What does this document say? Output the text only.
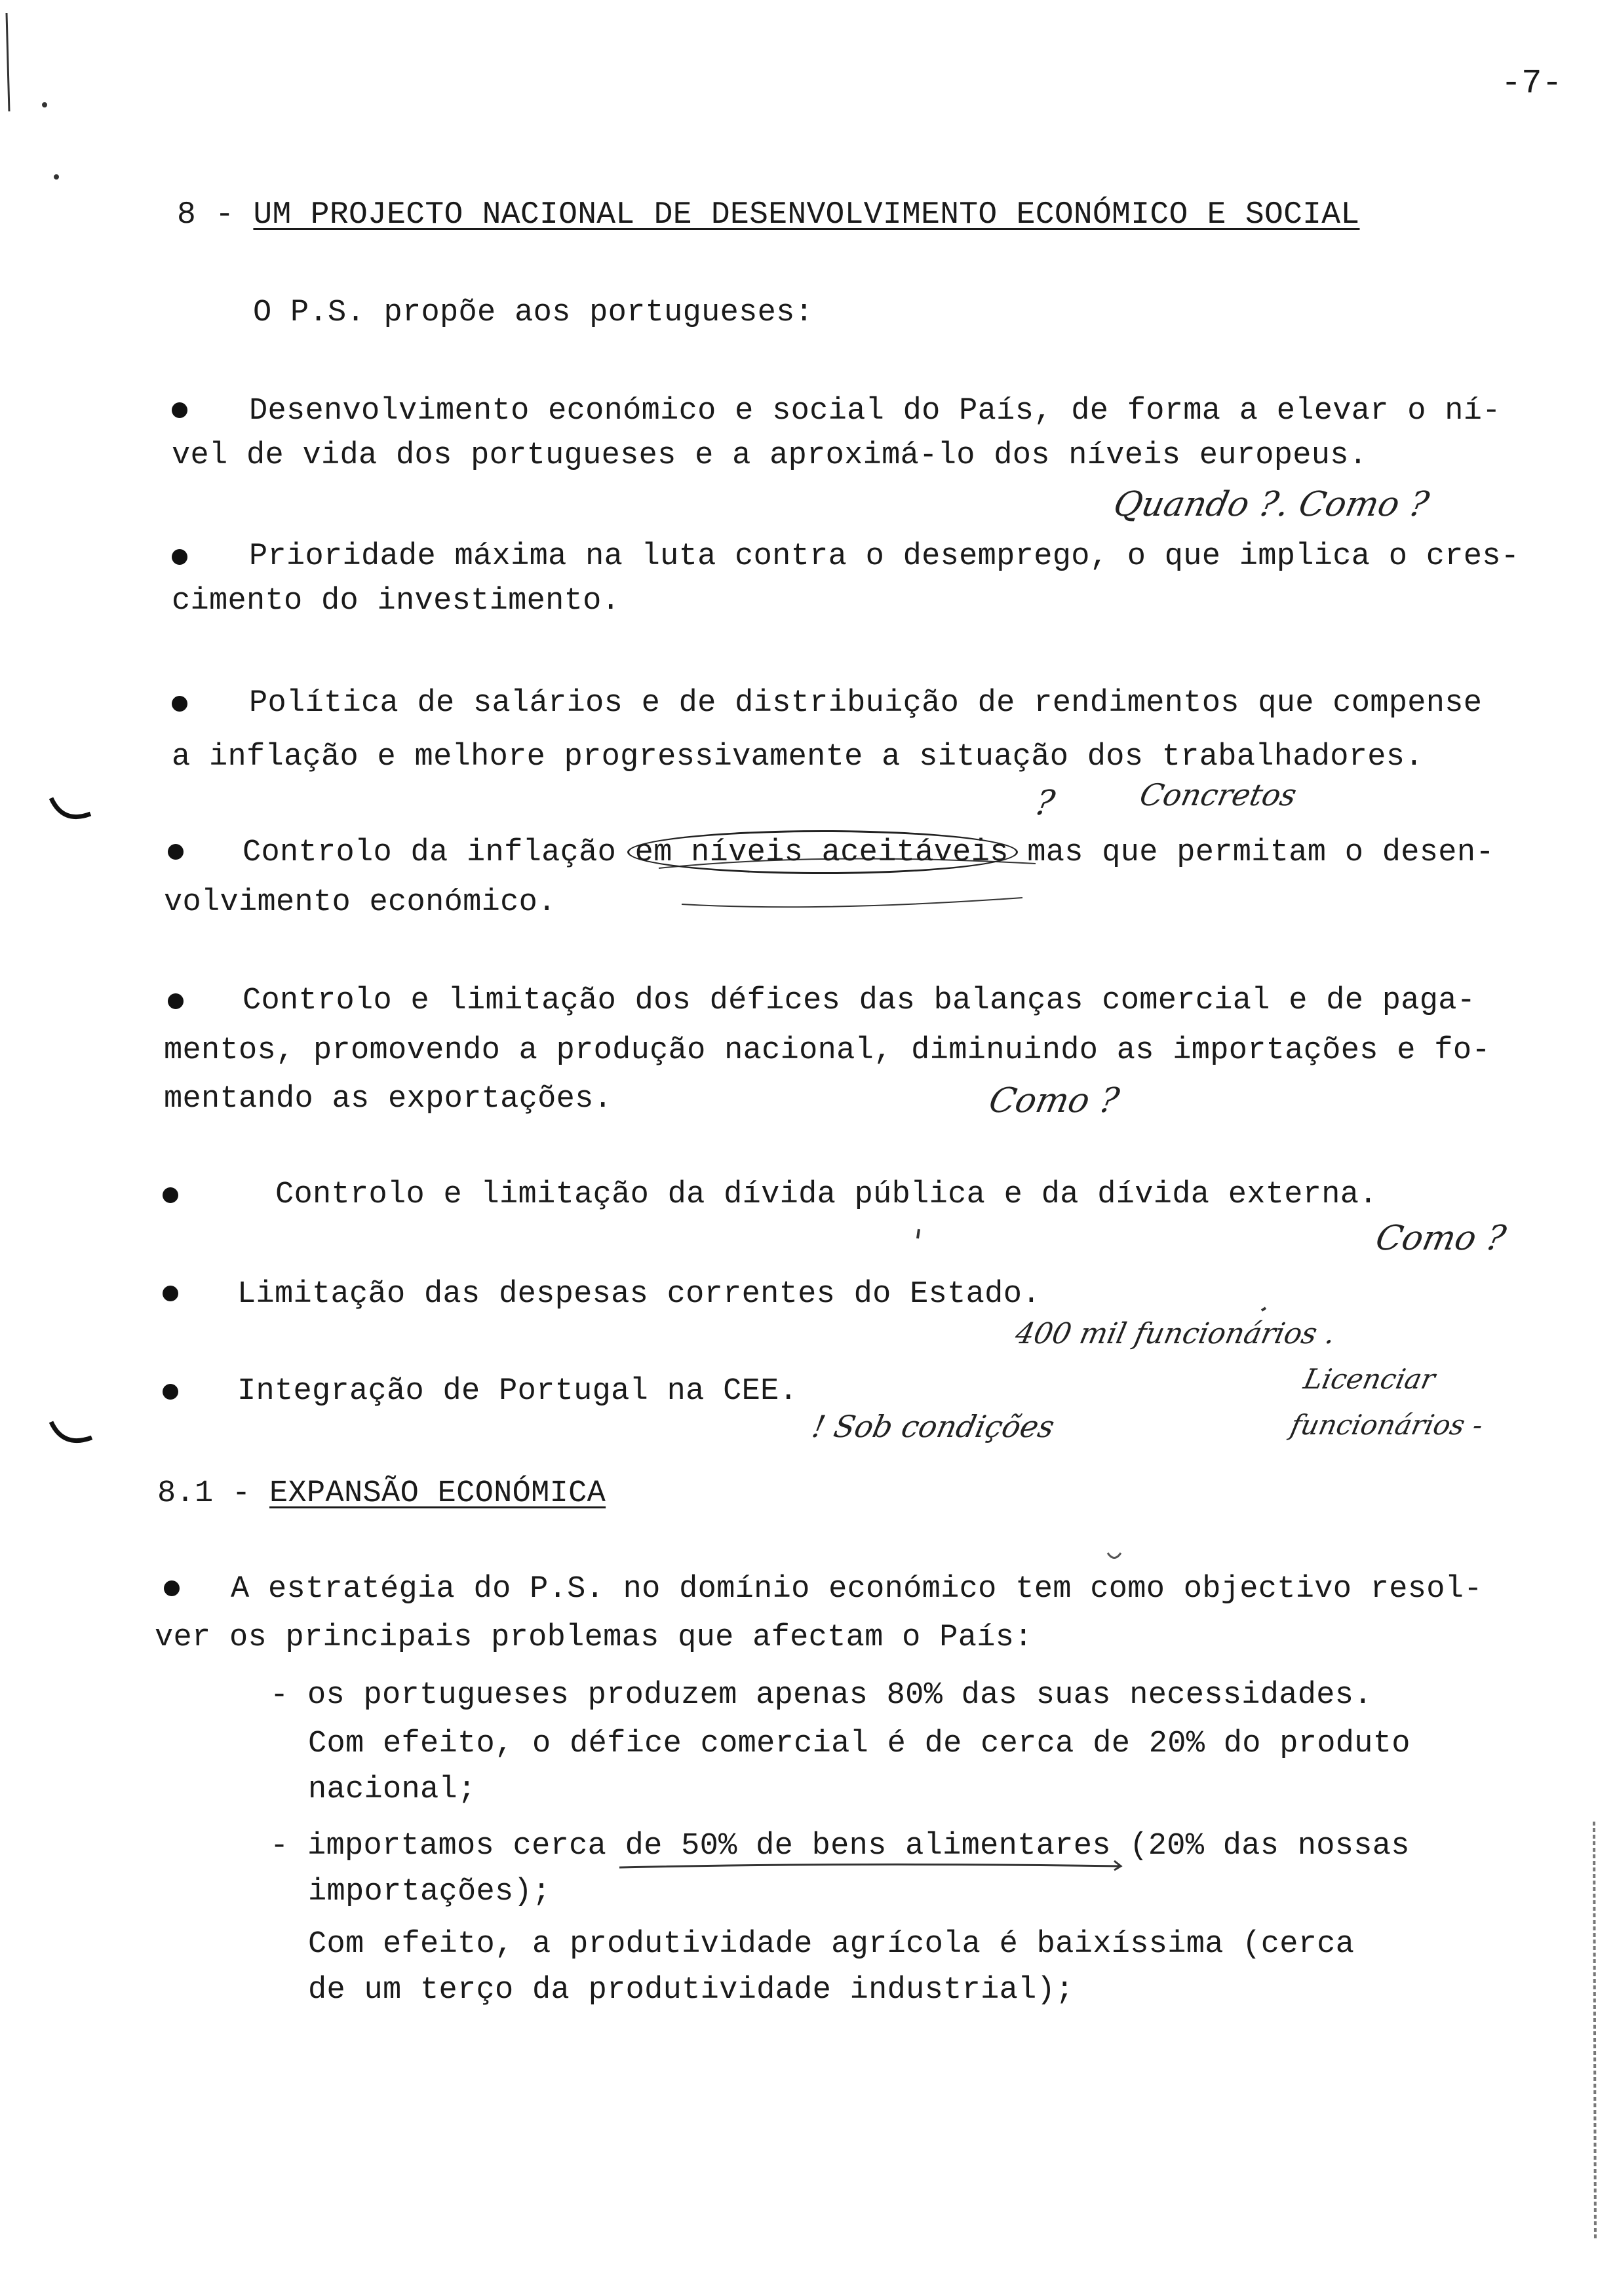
-7-
8 - UM PROJECTO NACIONAL DE DESENVOLVIMENTO ECONÓMICO E SOCIAL
O P.S. propõe aos portugueses:
Desenvolvimento económico e social do País, de forma a elevar o ní-
vel de vida dos portugueses e a aproximá-lo dos níveis europeus.
Quando ?. Como ?
Prioridade máxima na luta contra o desemprego, o que implica o cres-
cimento do investimento.
Política de salários e de distribuição de rendimentos que compense
a inflação e melhore progressivamente a situação dos trabalhadores.
?	Concretos
Controlo da inflação
em níveis aceitáveis mas que permitam o desen-
volvimento económico.
Controlo e limitação dos défices das balanças comercial e de paga-
mentos, promovendo a produção nacional, diminuindo as importações e fo-
mentando as exportações.	Como ?
Controlo e limitação da dívida pública e da dívida externa.
Como ?
Limitação das despesas correntes do Estado.
400 mil funcionários .
Integração de Portugal na CEE.	Licenciar
funcionários -
! Sob condições
8.1 - EXPANSÃO ECONÓMICA
A estratégia do P.S. no domínio económico tem como objectivo resol-
ver os principais problemas que afectam o País:
- os portugueses produzem apenas 80% das suas necessidades.
Com efeito, o défice comercial é de cerca de 20% do produto
nacional;
- importamos cerca de 50% de bens alimentares (20% das nossas
importações);
Com efeito, a produtividade agrícola é baixíssima (cerca
de um terço da produtividade industrial);
